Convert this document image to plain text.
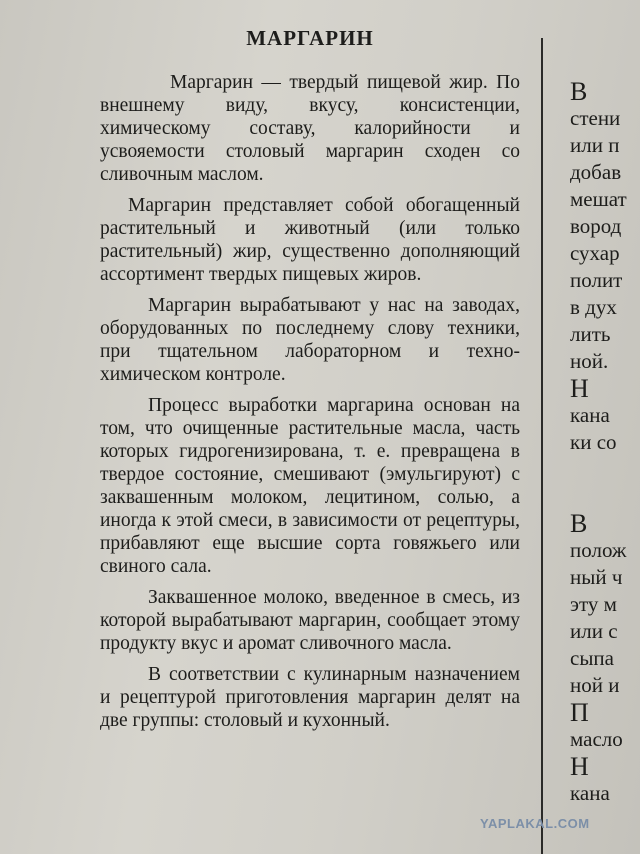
МАРГАРИН

Маргарин — твердый пищевой жир. По внешнему виду, вкусу, консистенции, химическому составу, калорийности и усвояемости столовый маргарин сходен со сливочным маслом.

Маргарин представляет собой обогащенный растительный и животный (или только растительный) жир, существенно дополняющий ассортимент твердых пищевых жиров.

Маргарин вырабатывают у нас на заводах, оборудованных по последнему слову техники, при тщательном лабораторном и техно-химическом контроле.

Процесс выработки маргарина основан на том, что очищенные растительные масла, часть которых гидрогенизирована, т. е. превращена в твердое состояние, смешивают (эмульгируют) с заквашенным молоком, лецитином, солью, а иногда к этой смеси, в зависимости от рецептуры, прибавляют еще высшие сорта говяжьего или свиного сала.

Заквашенное молоко, введенное в смесь, из которой вырабатывают маргарин, сообщает этому продукту вкус и аромат сливочного масла.

В соответствии с кулинарным назначением и рецептурой приготовления маргарин делят на две группы: столовый и кухонный.

В
стени
или п
добав
мешат
вород
сухар
полит
в дух
лить
ной.
Н
кана
ки со

В
полож
ный ч
эту м
или с
сыпа
ной и
П
масло
Н
кана
YAPLAKAL.COM
